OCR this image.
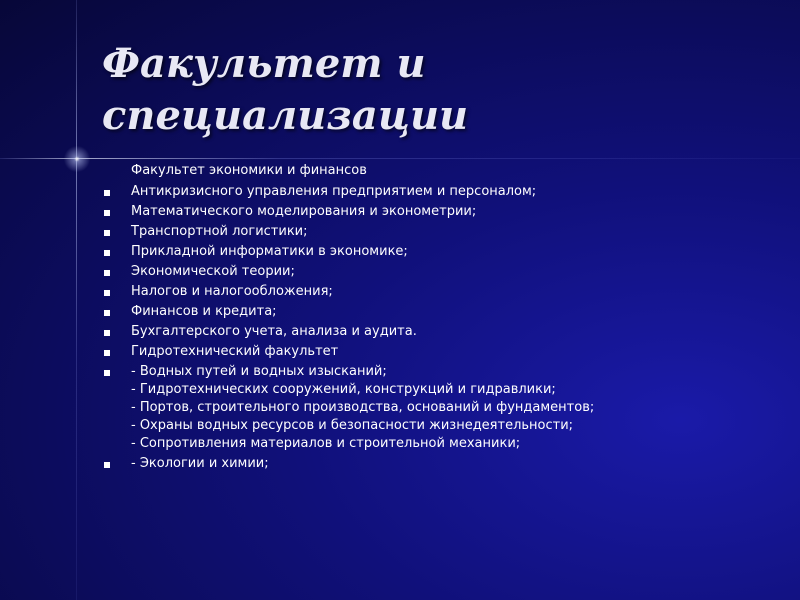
Факультет и специализации
Факультет экономики и финансов
Антикризисного управления предприятием и персоналом;
Математического моделирования и эконометрии;
Транспортной логистики;
Прикладной информатики в экономике;
Экономической теории;
Налогов и налогообложения;
Финансов и кредита;
Бухгалтерского учета, анализа и аудита.
Гидротехнический факультет
- Водных путей и водных изысканий;
- Гидротехнических сооружений, конструкций и гидравлики;
- Портов, строительного производства, оснований и фундаментов;
- Охраны водных ресурсов и безопасности жизнедеятельности;
- Сопротивления материалов и строительной механики;
- Экологии и химии;
